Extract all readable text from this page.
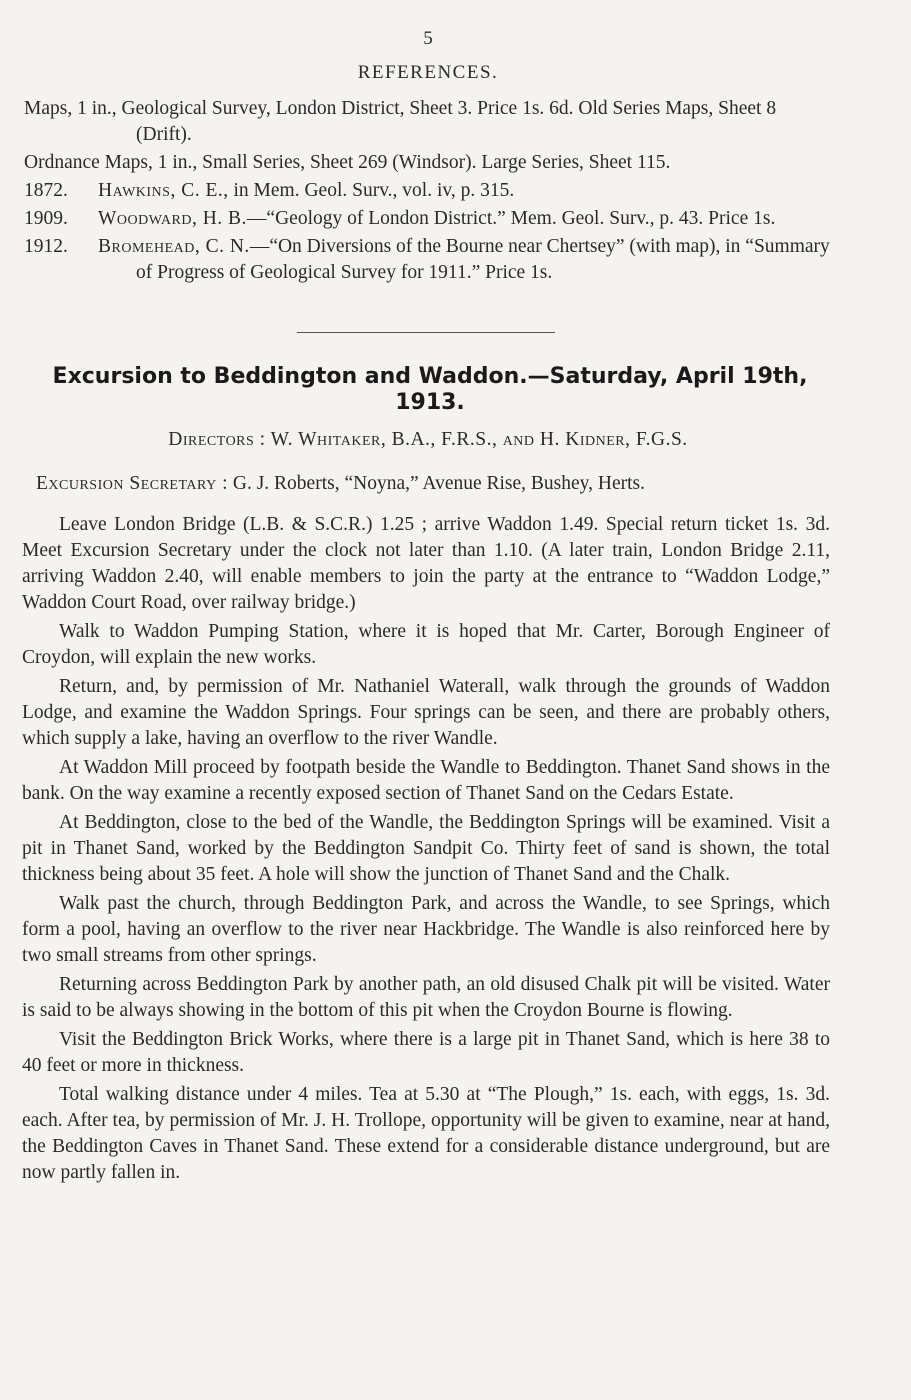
5
REFERENCES.
Maps, 1 in., Geological Survey, London District, Sheet 3. Price 1s. 6d. Old Series Maps, Sheet 8 (Drift).
Ordnance Maps, 1 in., Small Series, Sheet 269 (Windsor). Large Series, Sheet 115.
1872. Hawkins, C. E., in Mem. Geol. Surv., vol. iv, p. 315.
1909. Woodward, H. B.—“Geology of London District.” Mem. Geol. Surv., p. 43. Price 1s.
1912. Bromehead, C. N.—“On Diversions of the Bourne near Chertsey” (with map), in “Summary of Progress of Geological Survey for 1911.” Price 1s.
Excursion to Beddington and Waddon.—Saturday, April 19th, 1913.
Directors : W. Whitaker, B.A., F.R.S., and H. Kidner, F.G.S.
Excursion Secretary : G. J. Roberts, “Noyna,” Avenue Rise, Bushey, Herts.

Leave London Bridge (L.B. & S.C.R.) 1.25 ; arrive Waddon 1.49. Special return ticket 1s. 3d. Meet Excursion Secretary under the clock not later than 1.10. (A later train, London Bridge 2.11, arriving Waddon 2.40, will enable members to join the party at the entrance to “Waddon Lodge,” Waddon Court Road, over railway bridge.)

Walk to Waddon Pumping Station, where it is hoped that Mr. Carter, Borough Engineer of Croydon, will explain the new works.

Return, and, by permission of Mr. Nathaniel Waterall, walk through the grounds of Waddon Lodge, and examine the Waddon Springs. Four springs can be seen, and there are probably others, which supply a lake, having an overflow to the river Wandle.

At Waddon Mill proceed by footpath beside the Wandle to Beddington. Thanet Sand shows in the bank. On the way examine a recently exposed section of Thanet Sand on the Cedars Estate.

At Beddington, close to the bed of the Wandle, the Beddington Springs will be examined. Visit a pit in Thanet Sand, worked by the Beddington Sandpit Co. Thirty feet of sand is shown, the total thickness being about 35 feet. A hole will show the junction of Thanet Sand and the Chalk.

Walk past the church, through Beddington Park, and across the Wandle, to see Springs, which form a pool, having an overflow to the river near Hackbridge. The Wandle is also reinforced here by two small streams from other springs.

Returning across Beddington Park by another path, an old disused Chalk pit will be visited. Water is said to be always showing in the bottom of this pit when the Croydon Bourne is flowing.

Visit the Beddington Brick Works, where there is a large pit in Thanet Sand, which is here 38 to 40 feet or more in thickness.

Total walking distance under 4 miles. Tea at 5.30 at “The Plough,” 1s. each, with eggs, 1s. 3d. each. After tea, by permission of Mr. J. H. Trollope, opportunity will be given to examine, near at hand, the Beddington Caves in Thanet Sand. These extend for a considerable distance underground, but are now partly fallen in.
